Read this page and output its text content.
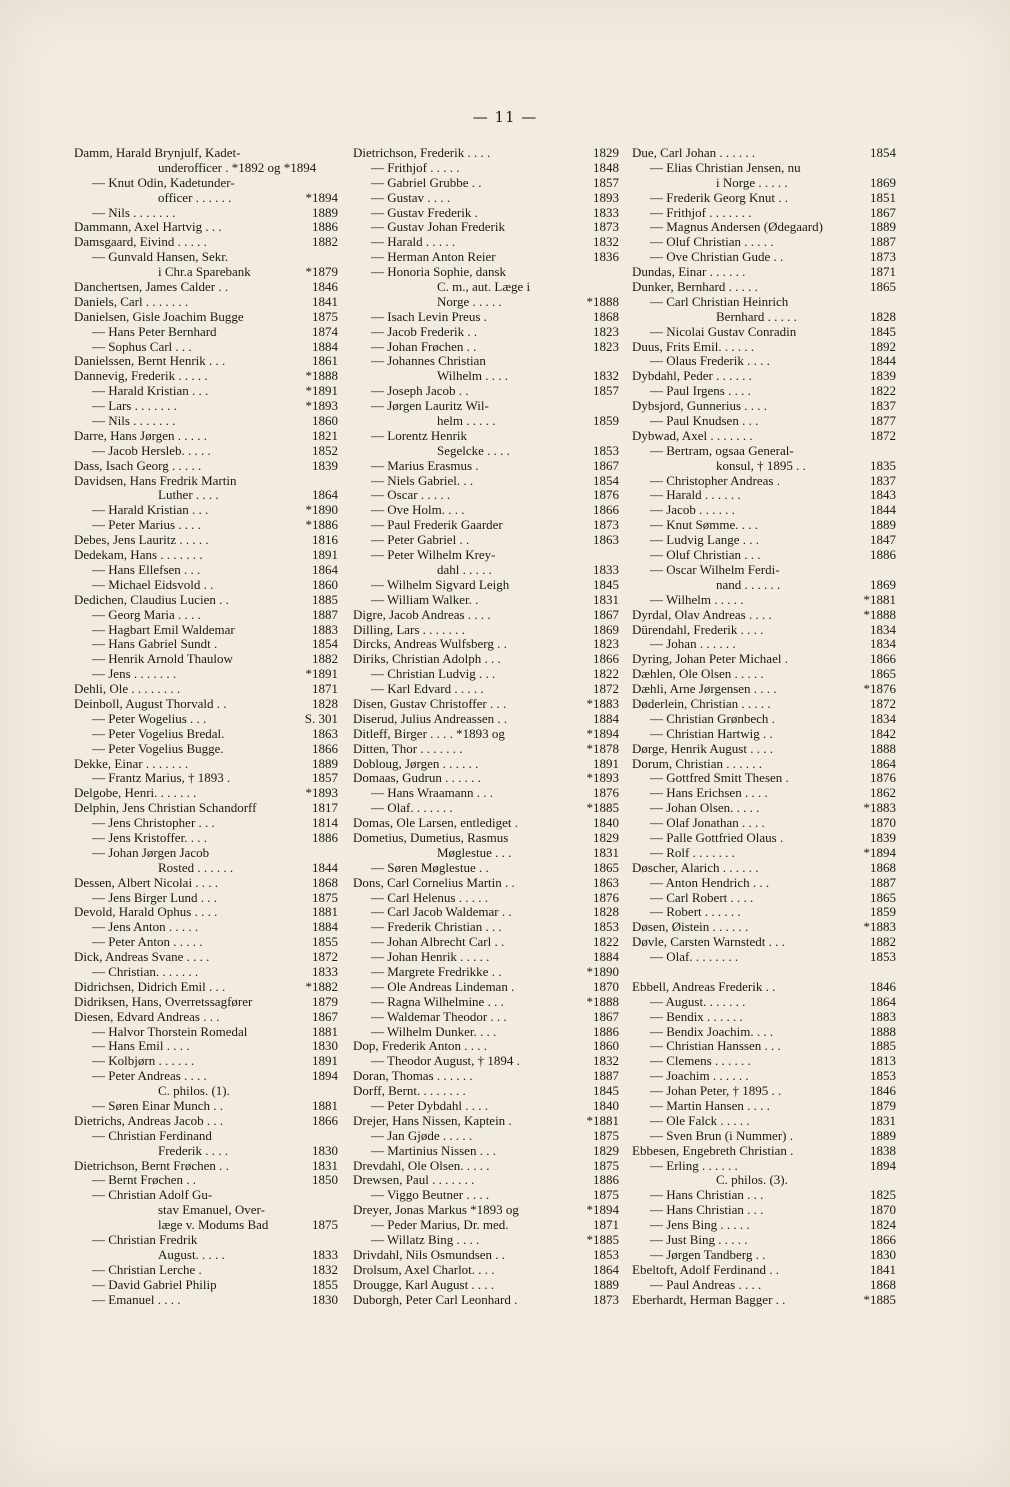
— 11 —
Damm, Harald Brynjulf, Kadet-
underofficer . *1892 og *1894
— Knut Odin, Kadetunder-
officer . . . . . .	*1894
— Nils . . . . . . .	1889
Dammann, Axel Hartvig . . .	1886
Damsgaard, Eivind . . . . .	1882
— Gunvald Hansen, Sekr.
i Chr.a Sparebank	*1879
Danchertsen, James Calder . .	1846
Daniels, Carl . . . . . . .	1841
Danielsen, Gisle Joachim Bugge	1875
— Hans Peter Bernhard	1874
— Sophus Carl . . .	1884
Danielssen, Bernt Henrik . . .	1861
Dannevig, Frederik . . . . .	*1888
— Harald Kristian . . .	*1891
— Lars . . . . . . .	*1893
— Nils . . . . . . .	1860
Darre, Hans Jørgen . . . . .	1821
— Jacob Hersleb. . . . .	1852
Dass, Isach Georg . . . . .	1839
Davidsen, Hans Fredrik Martin
Luther . . . .	1864
— Harald Kristian . . .	*1890
— Peter Marius . . . .	*1886
Debes, Jens Lauritz . . . . .	1816
Dedekam, Hans . . . . . . .	1891
— Hans Ellefsen . . .	1864
— Michael Eidsvold . .	1860
Dedichen, Claudius Lucien . .	1885
— Georg Maria . . . .	1887
— Hagbart Emil Waldemar	1883
— Hans Gabriel Sundt .	1854
— Henrik Arnold Thaulow	1882
— Jens . . . . . . .	*1891
Dehli, Ole . . . . . . . .	1871
Deinboll, August Thorvald . .	1828
— Peter Wogelius . . .	S. 301
— Peter Vogelius Bredal.	1863
— Peter Vogelius Bugge.	1866
Dekke, Einar . . . . . . .	1889
— Frantz Marius, † 1893 .	1857
Delgobe, Henri. . . . . . .	*1893
Delphin, Jens Christian Schandorff	1817
— Jens Christopher . . .	1814
— Jens Kristoffer. . . .	1886
— Johan Jørgen Jacob
Rosted . . . . . .	1844
Dessen, Albert Nicolai . . . .	1868
— Jens Birger Lund . . .	1875
Devold, Harald Ophus . . . .	1881
— Jens Anton . . . . .	1884
— Peter Anton . . . . .	1855
Dick, Andreas Svane . . . .	1872
— Christian. . . . . . .	1833
Didrichsen, Didrich Emil . . .	*1882
Didriksen, Hans, Overretssagfører	1879
Diesen, Edvard Andreas . . .	1867
— Halvor Thorstein Romedal	1881
— Hans Emil . . . .	1830
— Kolbjørn . . . . . .	1891
— Peter Andreas . . . .	1894
C. philos. (1).
— Søren Einar Munch . .	1881
Dietrichs, Andreas Jacob . . .	1866
— Christian Ferdinand
Frederik . . . .	1830
Dietrichson, Bernt Frøchen . .	1831
— Bernt Frøchen . .	1850
— Christian Adolf Gu-
stav Emanuel, Over-
læge v. Modums Bad	1875
— Christian Fredrik
August. . . . .	1833
— Christian Lerche .	1832
— David Gabriel Philip	1855
— Emanuel . . . .	1830
Dietrichson, Frederik . . . .	1829
— Frithjof . . . . .	1848
— Gabriel Grubbe . .	1857
— Gustav . . . .	1893
— Gustav Frederik .	1833
— Gustav Johan Frederik	1873
— Harald . . . . .	1832
— Herman Anton Reier	1836
— Honoria Sophie, dansk
C. m., aut. Læge i
Norge . . . . .	*1888
— Isach Levin Preus .	1868
— Jacob Frederik . .	1823
— Johan Frøchen . .	1823
— Johannes Christian
Wilhelm . . . .	1832
— Joseph Jacob . .	1857
— Jørgen Lauritz Wil-
helm . . . . .	1859
— Lorentz Henrik
Segelcke . . . .	1853
— Marius Erasmus .	1867
— Niels Gabriel. . .	1854
— Oscar . . . . .	1876
— Ove Holm. . . .	1866
— Paul Frederik Gaarder	1873
— Peter Gabriel . .	1863
— Peter Wilhelm Krey-
dahl . . . . .	1833
— Wilhelm Sigvard Leigh	1845
— William Walker. .	1831
Digre, Jacob Andreas . . . .	1867
Dilling, Lars . . . . . . .	1869
Dircks, Andreas Wulfsberg . .	1823
Diriks, Christian Adolph . . .	1866
— Christian Ludvig . . .	1822
— Karl Edvard . . . . .	1872
Disen, Gustav Christoffer . . .	*1883
Diserud, Julius Andreassen . .	1884
Ditleff, Birger . . . . *1893 og	*1894
Ditten, Thor . . . . . . .	*1878
Dobloug, Jørgen . . . . . .	1891
Domaas, Gudrun . . . . . .	*1893
— Hans Wraamann . . .	1876
— Olaf. . . . . . .	*1885
Domas, Ole Larsen, entlediget .	1840
Dometius, Dumetius, Rasmus	1829
Møglestue . . .	1831
— Søren Møglestue . .	1865
Dons, Carl Cornelius Martin . .	1863
— Carl Helenus . . . . .	1876
— Carl Jacob Waldemar . .	1828
— Frederik Christian . . .	1853
— Johan Albrecht Carl . .	1822
— Johan Henrik . . . . .	1884
— Margrete Fredrikke . .	*1890
— Ole Andreas Lindeman .	1870
— Ragna Wilhelmine . . .	*1888
— Waldemar Theodor . . .	1867
— Wilhelm Dunker. . . .	1886
Dop, Frederik Anton . . . .	1860
— Theodor August, † 1894 .	1832
Doran, Thomas . . . . . .	1887
Dorff, Bernt. . . . . . . .	1845
— Peter Dybdahl . . . .	1840
Drejer, Hans Nissen, Kaptein .	*1881
— Jan Gjøde . . . . .	1875
— Martinius Nissen . . .	1829
Drevdahl, Ole Olsen. . . . .	1875
Drewsen, Paul . . . . . . .	1886
— Viggo Beutner . . . .	1875
Dreyer, Jonas Markus *1893 og	*1894
— Peder Marius, Dr. med.	1871
— Willatz Bing . . . .	*1885
Drivdahl, Nils Osmundsen . .	1853
Drolsum, Axel Charlot. . . .	1864
Drougge, Karl August . . . .	1889
Duborgh, Peter Carl Leonhard .	1873
Due, Carl Johan . . . . . .	1854
— Elias Christian Jensen, nu
i Norge . . . . .	1869
— Frederik Georg Knut . .	1851
— Frithjof . . . . . . .	1867
— Magnus Andersen (Ødegaard)	1889
— Oluf Christian . . . . .	1887
— Ove Christian Gude . .	1873
Dundas, Einar . . . . . .	1871
Dunker, Bernhard . . . . .	1865
— Carl Christian Heinrich
Bernhard . . . . .	1828
— Nicolai Gustav Conradin	1845
Duus, Frits Emil. . . . . .	1892
— Olaus Frederik . . . .	1844
Dybdahl, Peder . . . . . .	1839
— Paul Irgens . . . .	1822
Dybsjord, Gunnerius . . . .	1837
— Paul Knudsen . . .	1877
Dybwad, Axel . . . . . . .	1872
— Bertram, ogsaa General-
konsul, † 1895 . .	1835
— Christopher Andreas .	1837
— Harald . . . . . .	1843
— Jacob . . . . . .	1844
— Knut Sømme. . . .	1889
— Ludvig Lange . . .	1847
— Oluf Christian . . .	1886
— Oscar Wilhelm Ferdi-
nand . . . . . .	1869
— Wilhelm . . . . .	*1881
Dyrdal, Olav Andreas . . . .	*1888
Dürendahl, Frederik . . . .	1834
— Johan . . . . . .	1834
Dyring, Johan Peter Michael .	1866
Dæhlen, Ole Olsen . . . . .	1865
Dæhli, Arne Jørgensen . . . .	*1876
Døderlein, Christian . . . . .	1872
— Christian Grønbech .	1834
— Christian Hartwig . .	1842
Dørge, Henrik August . . . .	1888
Dorum, Christian . . . . . .	1864
— Gottfred Smitt Thesen .	1876
— Hans Erichsen . . . .	1862
— Johan Olsen. . . . .	*1883
— Olaf Jonathan . . . .	1870
— Palle Gottfried Olaus .	1839
— Rolf . . . . . . .	*1894
Døscher, Alarich . . . . . .	1868
— Anton Hendrich . . .	1887
— Carl Robert . . . .	1865
— Robert . . . . . .	1859
Døsen, Øistein . . . . . .	*1883
Døvle, Carsten Warnstedt . . .	1882
— Olaf. . . . . . . .	1853
Ebbell, Andreas Frederik . .	1846
— August. . . . . . .	1864
— Bendix . . . . . .	1883
— Bendix Joachim. . . .	1888
— Christian Hanssen . . .	1885
— Clemens . . . . . .	1813
— Joachim . . . . . .	1853
— Johan Peter, † 1895 . .	1846
— Martin Hansen . . . .	1879
— Ole Falck . . . . .	1831
— Sven Brun (i Nummer) .	1889
Ebbesen, Engebreth Christian .	1838
— Erling . . . . . .	1894
C. philos. (3).
— Hans Christian . . .	1825
— Hans Christian . . .	1870
— Jens Bing . . . . .	1824
— Just Bing . . . . .	1866
— Jørgen Tandberg . .	1830
Ebeltoft, Adolf Ferdinand . .	1841
— Paul Andreas . . . .	1868
Eberhardt, Herman Bagger . .	*1885
